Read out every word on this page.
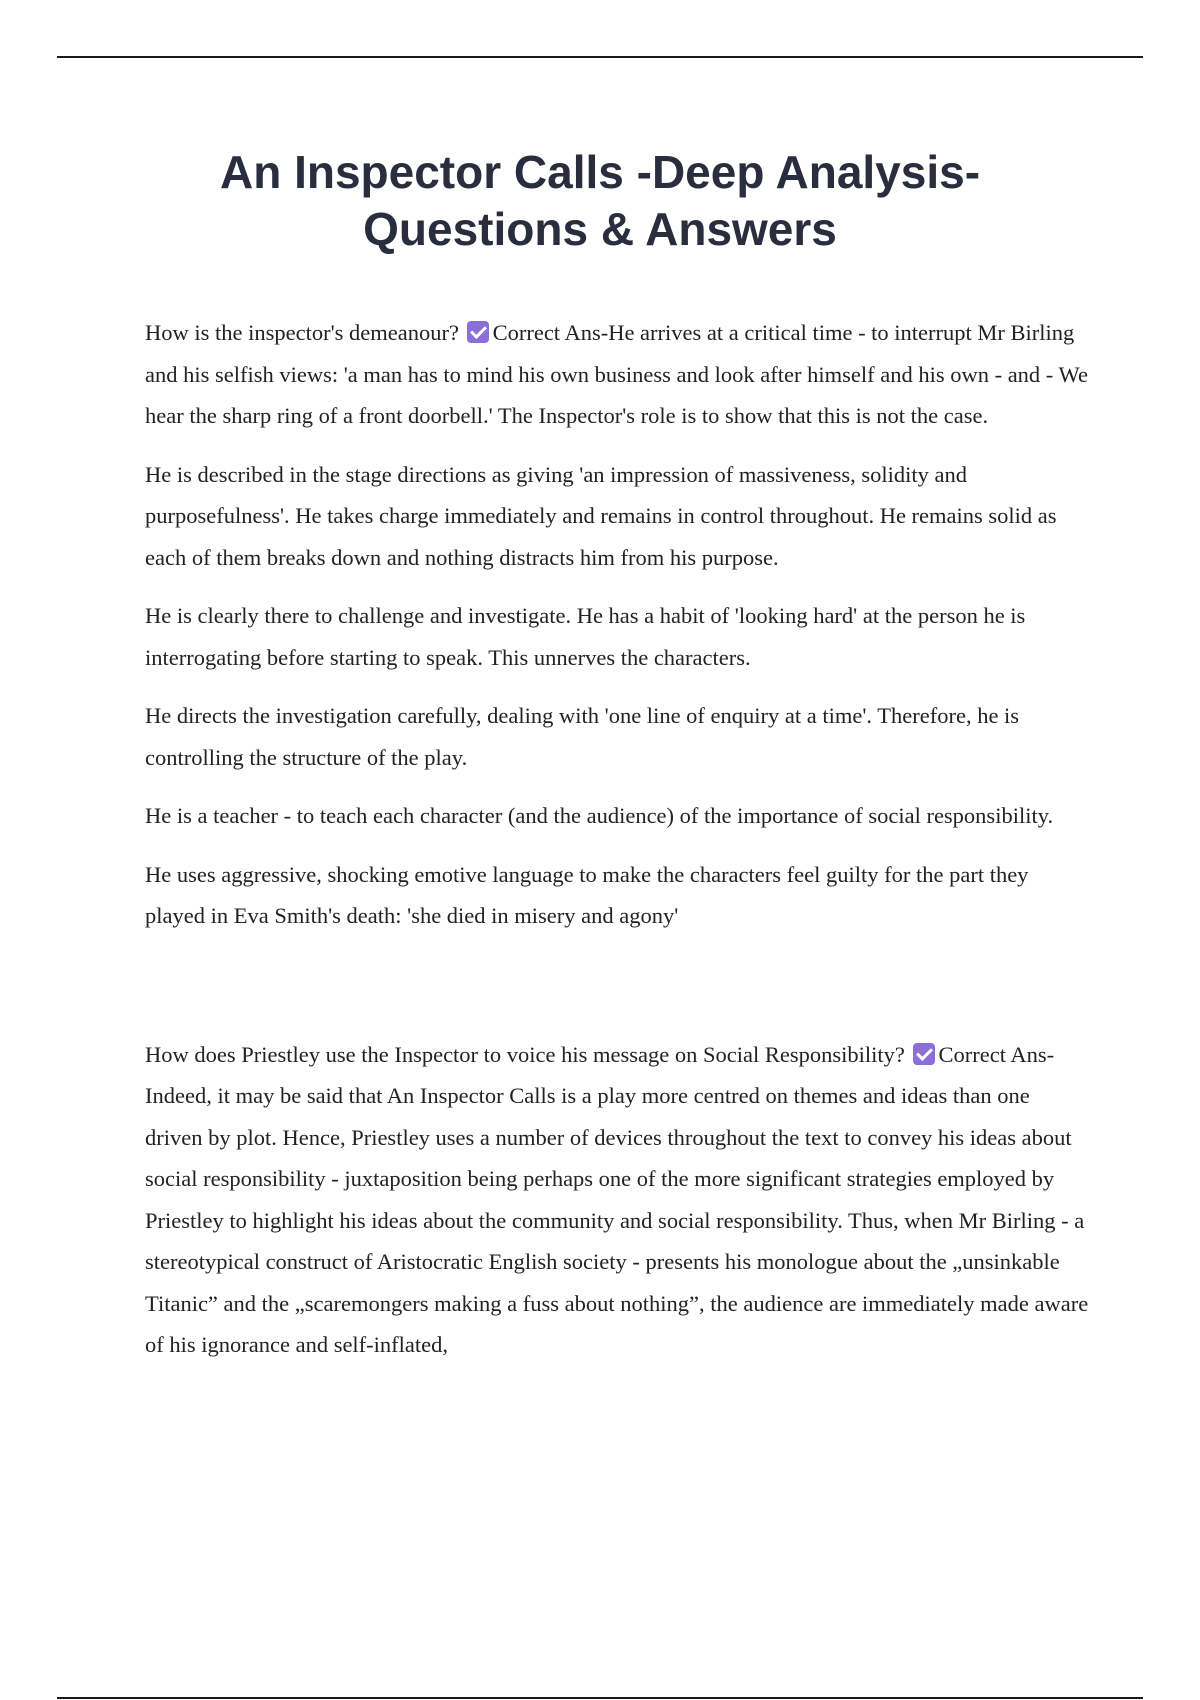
An Inspector Calls -Deep Analysis-
Questions & Answers

How is the inspector's demeanour? Correct Ans-He arrives at a critical time - to interrupt Mr Birling and his selfish views: 'a man has to mind his own business and look after himself and his own - and - We hear the sharp ring of a front doorbell.' The Inspector's role is to show that this is not the case.

He is described in the stage directions as giving 'an impression of massiveness, solidity and purposefulness'. He takes charge immediately and remains in control throughout. He remains solid as each of them breaks down and nothing distracts him from his purpose.

He is clearly there to challenge and investigate. He has a habit of 'looking hard' at the person he is interrogating before starting to speak. This unnerves the characters.

He directs the investigation carefully, dealing with 'one line of enquiry at a time'. Therefore, he is controlling the structure of the play.

He is a teacher - to teach each character (and the audience) of the importance of social responsibility.

He uses aggressive, shocking emotive language to make the characters feel guilty for the part they played in Eva Smith's death: 'she died in misery and agony'

How does Priestley use the Inspector to voice his message on Social Responsibility? Correct Ans-Indeed, it may be said that An Inspector Calls is a play more centred on themes and ideas than one driven by plot. Hence, Priestley uses a number of devices throughout the text to convey his ideas about social responsibility - juxtaposition being perhaps one of the more significant strategies employed by Priestley to highlight his ideas about the community and social responsibility. Thus, when Mr Birling - a stereotypical construct of Aristocratic English society - presents his monologue about the „unsinkable Titanic” and the „scaremongers making a fuss about nothing”, the audience are immediately made aware of his ignorance and self-inflated,
